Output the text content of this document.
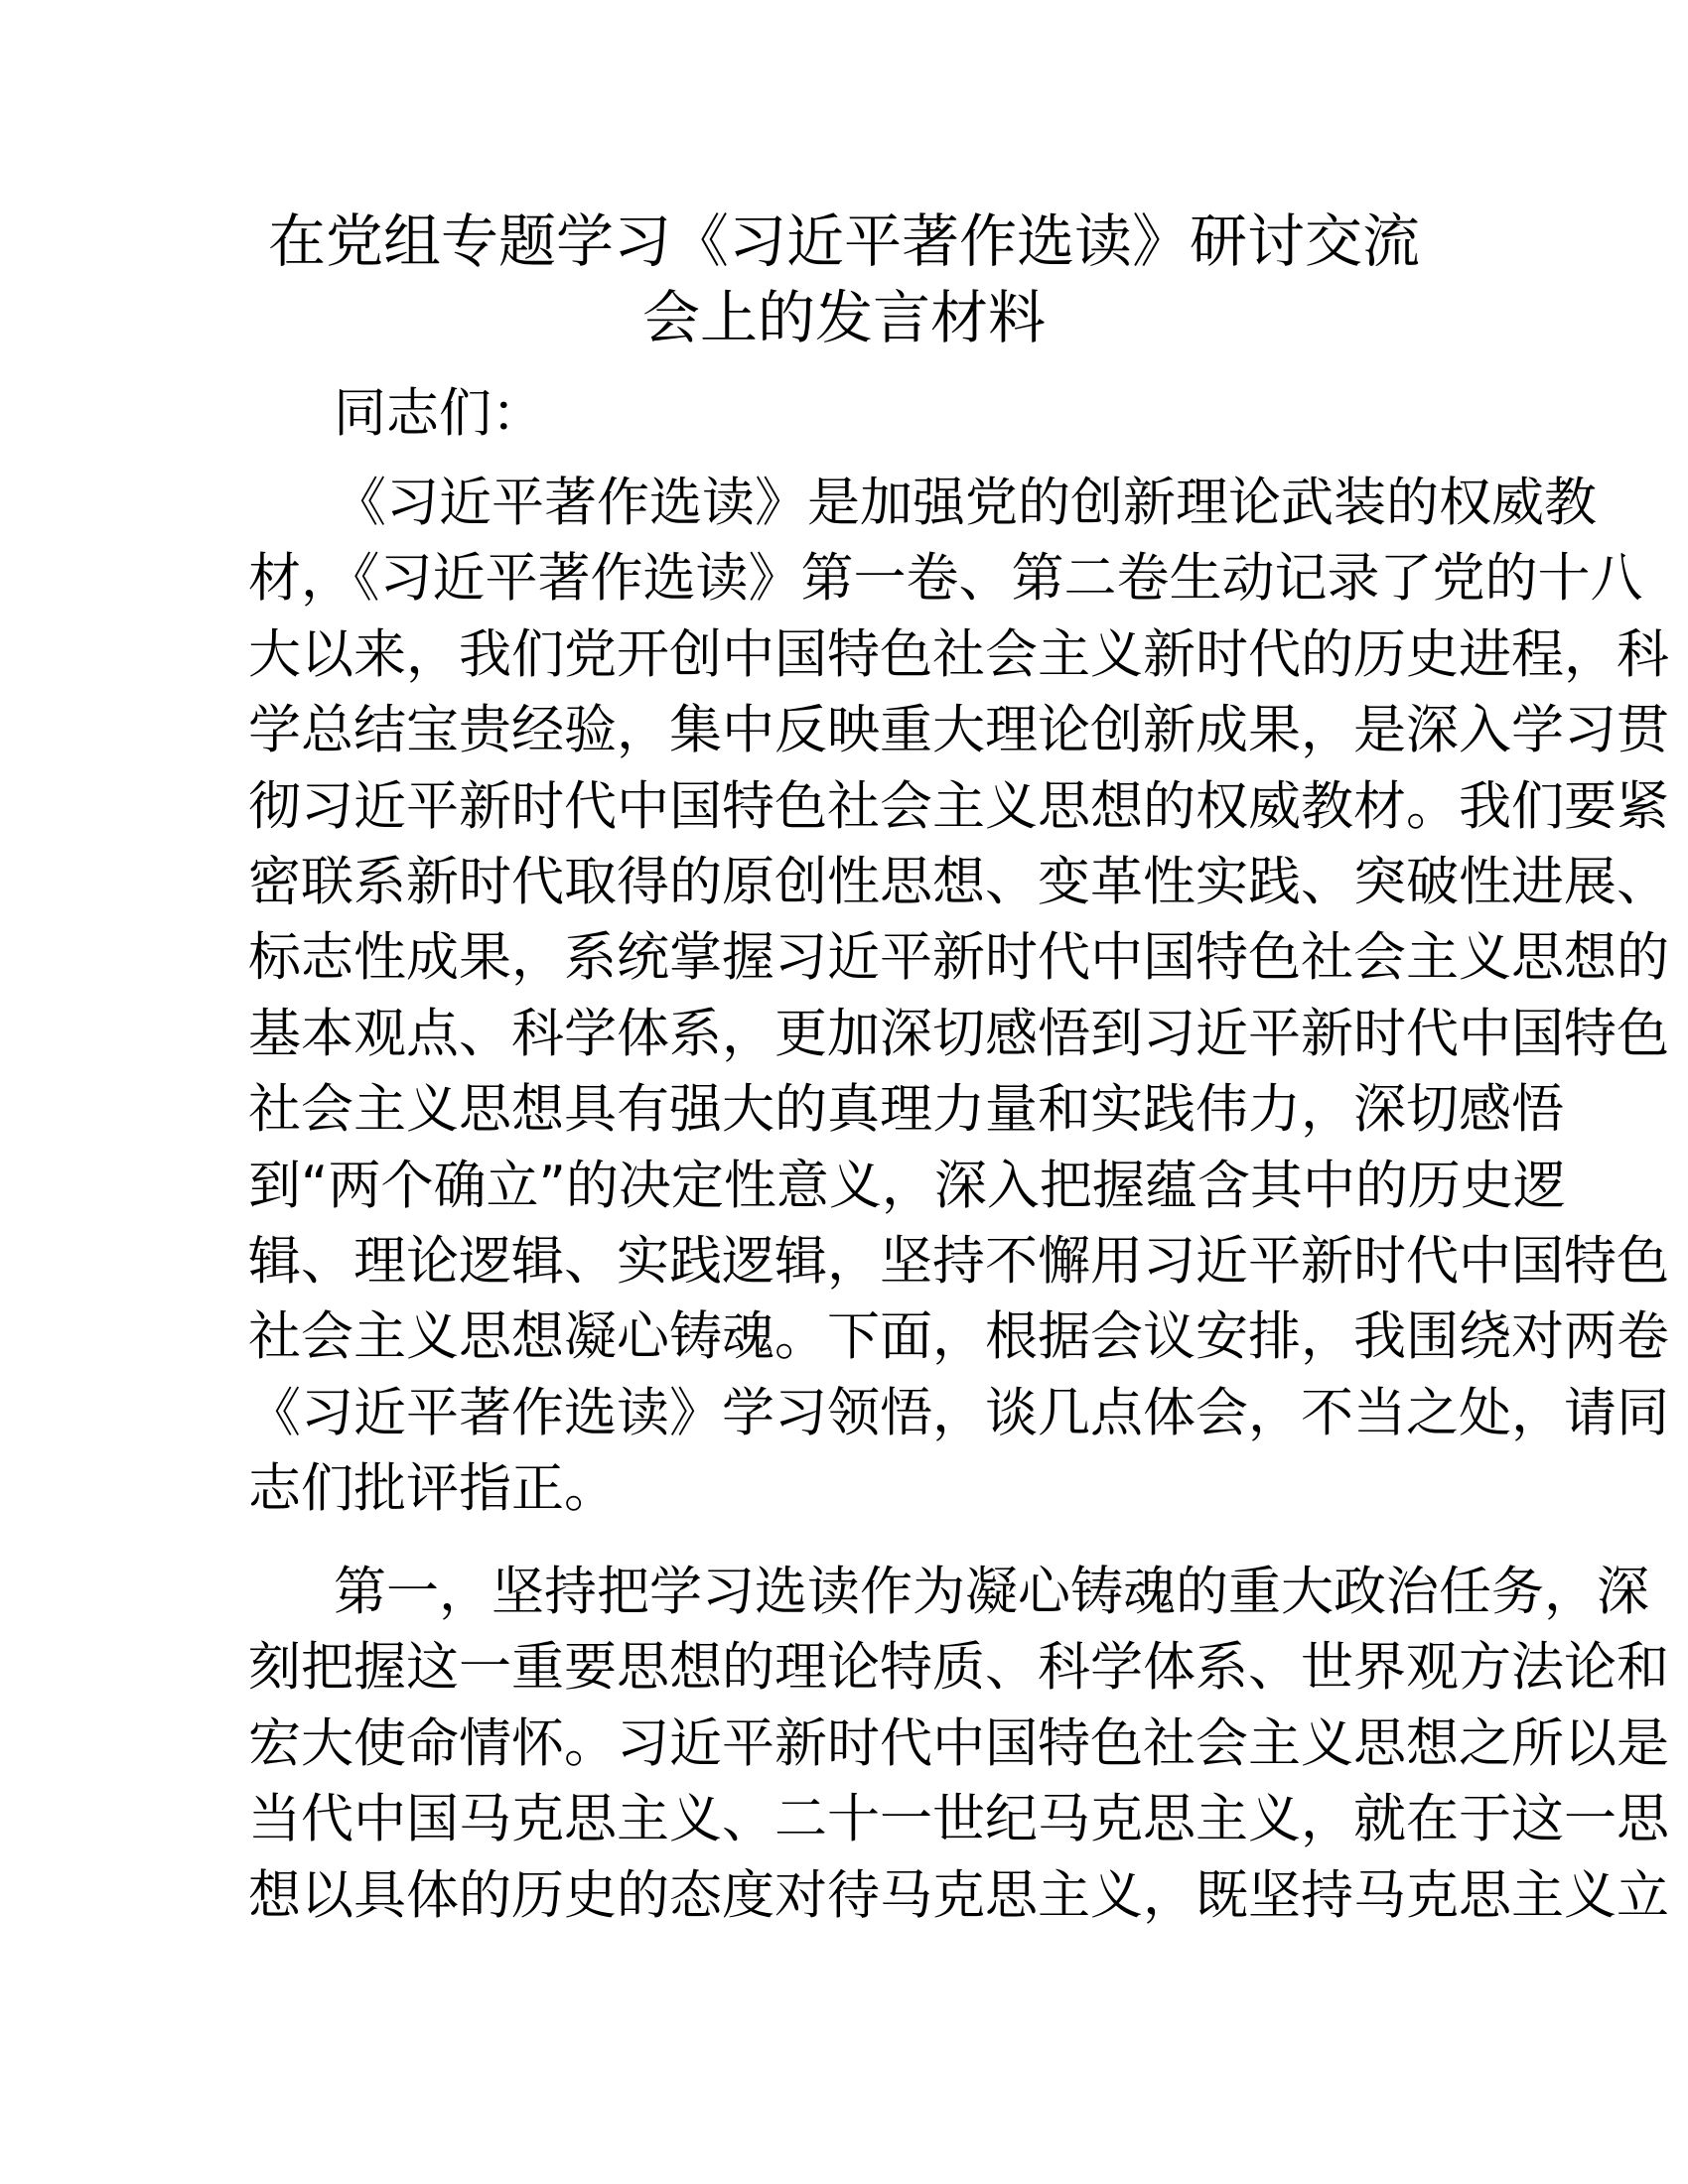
在党组专题学习《习近平著作选读》研讨交流
会上的发言材料
同志们：
《习近平著作选读》是加强党的创新理论武装的权威教
材，《习近平著作选读》第一卷、第二卷生动记录了党的十八
大以来，我们党开创中国特色社会主义新时代的历史进程，科
学总结宝贵经验，集中反映重大理论创新成果，是深入学习贯
彻习近平新时代中国特色社会主义思想的权威教材。我们要紧
密联系新时代取得的原创性思想、变革性实践、突破性进展、
标志性成果，系统掌握习近平新时代中国特色社会主义思想的
基本观点、科学体系，更加深切感悟到习近平新时代中国特色
社会主义思想具有强大的真理力量和实践伟力，深切感悟
到“两个确立”的决定性意义，深入把握蕴含其中的历史逻
辑、理论逻辑、实践逻辑，坚持不懈用习近平新时代中国特色
社会主义思想凝心铸魂。下面，根据会议安排，我围绕对两卷
《习近平著作选读》学习领悟，谈几点体会，不当之处，请同
志们批评指正。
第一，坚持把学习选读作为凝心铸魂的重大政治任务，深
刻把握这一重要思想的理论特质、科学体系、世界观方法论和
宏大使命情怀。习近平新时代中国特色社会主义思想之所以是
当代中国马克思主义、二十一世纪马克思主义，就在于这一思
想以具体的历史的态度对待马克思主义，既坚持马克思主义立
